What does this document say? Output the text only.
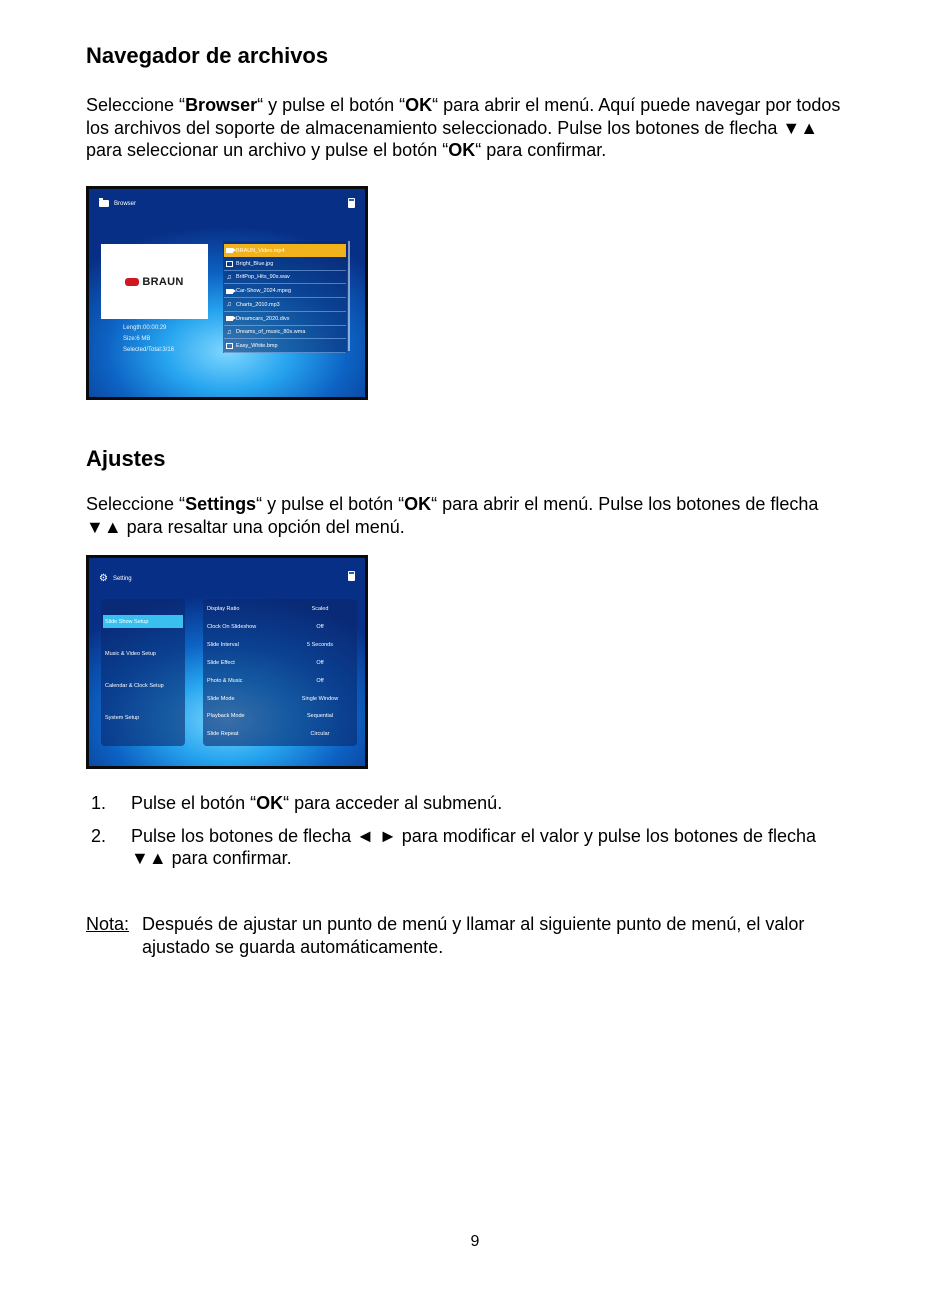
Navegador de archivos

Seleccione “Browser“ y pulse el botón “OK“ para abrir el menú. Aquí puede navegar por todos los archivos del soporte de almacenamiento seleccionado. Pulse los botones de flecha ▼▲ para seleccionar un archivo y pulse el botón “OK“ para confirmar.

Browser
BRAUN
Length:00:00:29
Size:6 MB
Selected/Total:3/16
BRAUN_Video.mp4
Bright_Blue.jpg
♫ BritPop_Hits_90s.wav
Car-Show_2024.mpeg
♫ Charts_2010.mp3
Dreamcars_2020.divx
♫ Dreams_of_music_80s.wma
Easy_White.bmp
Ajustes

Seleccione “Settings“ y pulse el botón “OK“ para abrir el menú. Pulse los botones de flecha ▼▲ para resaltar una opción del menú.

⚙ Setting
Slide Show Setup
Music & Video Setup
Calendar & Clock Setup
System Setup
Display Ratio	Scaled
Clock On Slideshow	Off
Slide Interval	5 Seconds
Slide Effect	Off
Photo & Music	Off
Slide Mode	Single Window
Playback Mode	Sequential
Slide Repeat	Circular
1. Pulse el botón “OK“ para acceder al submenú.
2. Pulse los botones de flecha ◄ ► para modificar el valor y pulse los botones de flecha ▼▲ para confirmar.
Nota: Después de ajustar un punto de menú y llamar al siguiente punto de menú, el valor ajustado se guarda automáticamente.
9
